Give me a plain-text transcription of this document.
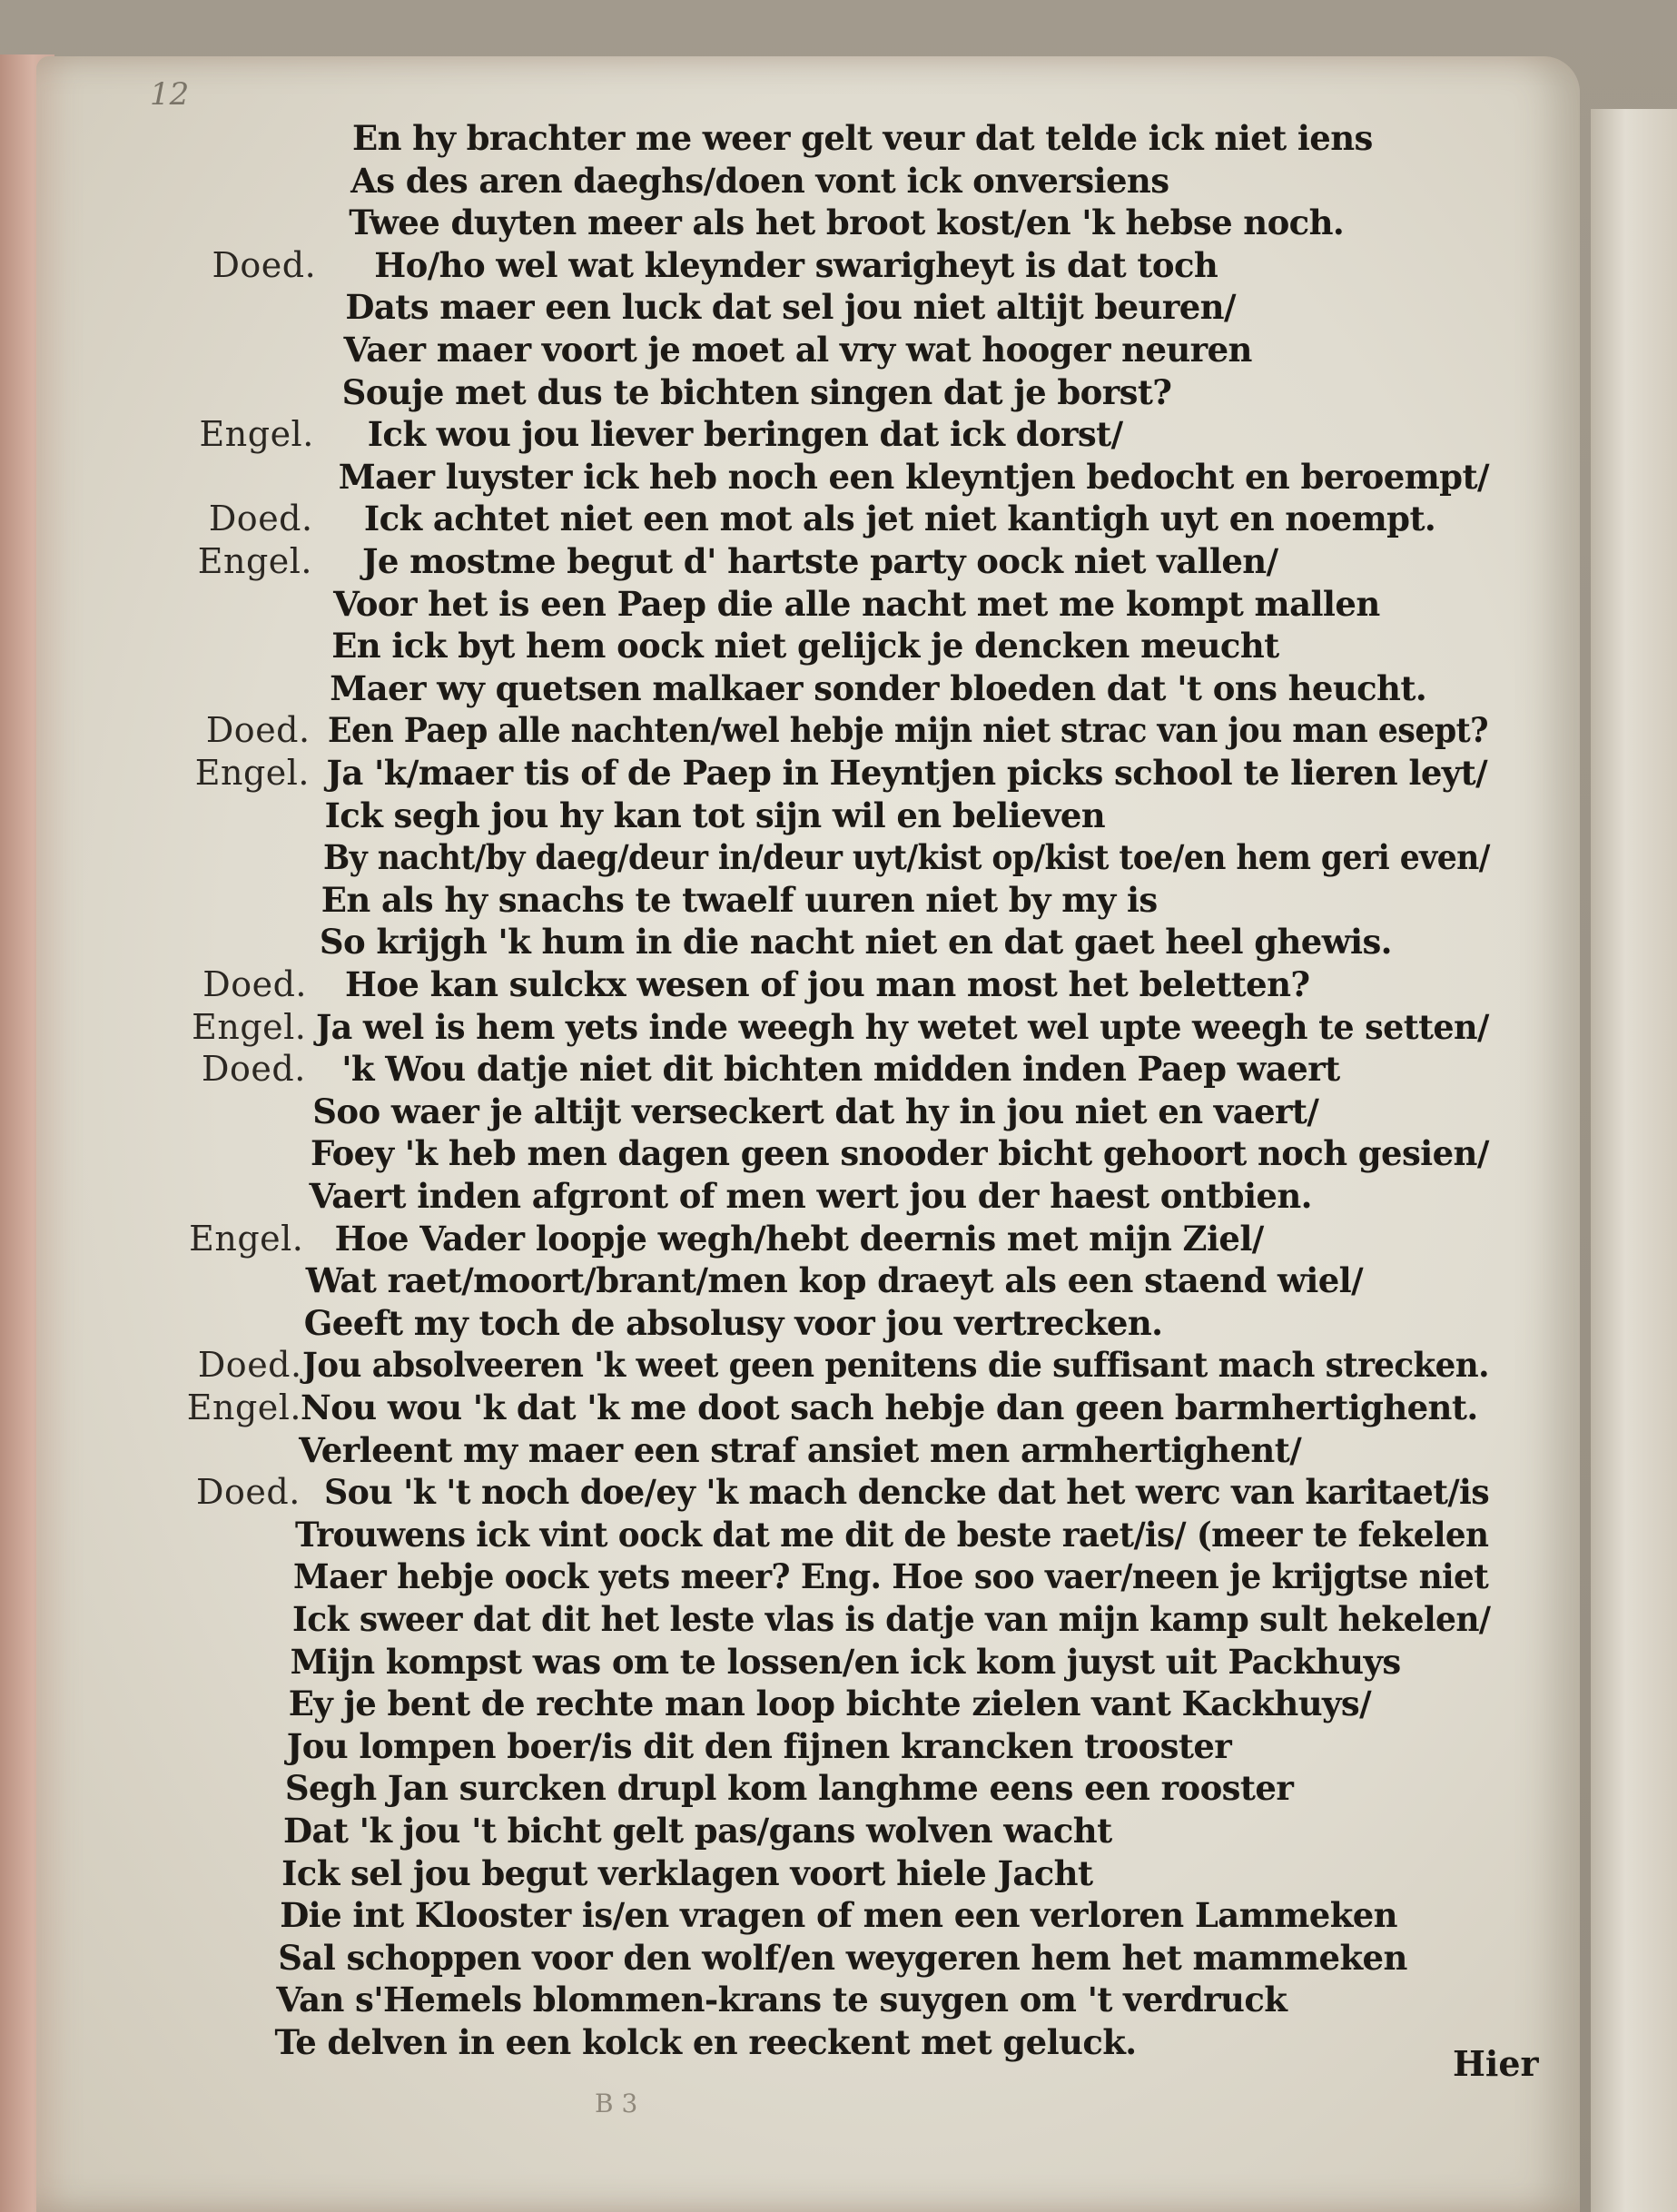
12
En hy brachter me weer gelt veur dat telde ick niet iens
As des aren daeghs/doen vont ick onversiens
Twee duyten meer als het broot kost/en 'k hebse noch.
Ho/ho wel wat kleynder swarigheyt is dat toch
Dats maer een luck dat sel jou niet altijt beuren/
Vaer maer voort je moet al vry wat hooger neuren
Souje met dus te bichten singen dat je borst?
Ick wou jou liever beringen dat ick dorst/
Maer luyster ick heb noch een kleyntjen bedocht en beroempt/
Ick achtet niet een mot als jet niet kantigh uyt en noempt.
Je mostme begut d' hartste party oock niet vallen/
Voor het is een Paep die alle nacht met me kompt mallen
En ick byt hem oock niet gelijck je dencken meucht
Maer wy quetsen malkaer sonder bloeden dat 't ons heucht.
Een Paep alle nachten/wel hebje mijn niet strac van jou man esept?
Ja 'k/maer tis of de Paep in Heyntjen picks school te lieren leyt/
Ick segh jou hy kan tot sijn wil en believen
By nacht/by daeg/deur in/deur uyt/kist op/kist toe/en hem geri even/
En als hy snachs te twaelf uuren niet by my is
So krijgh 'k hum in die nacht niet en dat gaet heel ghewis.
Hoe kan sulckx wesen of jou man most het beletten?
Ja wel is hem yets inde weegh hy wetet wel upte weegh te setten/
'k Wou datje niet dit bichten midden inden Paep waert
Soo waer je altijt verseckert dat hy in jou niet en vaert/
Foey 'k heb men dagen geen snooder bicht gehoort noch gesien/
Vaert inden afgront of men wert jou der haest ontbien.
Hoe Vader loopje wegh/hebt deernis met mijn Ziel/
Wat raet/moort/brant/men kop draeyt als een staend wiel/
Geeft my toch de absolusy voor jou vertrecken.
Jou absolveeren 'k weet geen penitens die suffisant mach strecken.
Nou wou 'k dat 'k me doot sach hebje dan geen barmhertighent.
Verleent my maer een straf ansiet men armhertighent/
Sou 'k 't noch doe/ey 'k mach dencke dat het werc van karitaet/is
Trouwens ick vint oock dat me dit de beste raet/is/ (meer te fekelen
Maer hebje oock yets meer? Eng. Hoe soo vaer/neen je krijgtse niet
Ick sweer dat dit het leste vlas is datje van mijn kamp sult hekelen/
Mijn kompst was om te lossen/en ick kom juyst uit Packhuys
Ey je bent de rechte man loop bichte zielen vant Kackhuys/
Jou lompen boer/is dit den fijnen krancken trooster
Segh Jan surcken drupl kom langhme eens een rooster
Dat 'k jou 't bicht gelt pas/gans wolven wacht
Ick sel jou begut verklagen voort hiele Jacht
Die int Klooster is/en vragen of men een verloren Lammeken
Sal schoppen voor den wolf/en weygeren hem het mammeken
Van s'Hemels blommen-krans te suygen om 't verdruck
Te delven in een kolck en reeckent met geluck.
Doed.
Engel.
Doed.
Engel.
Doed.
Engel.
Doed.
Engel.
Doed.
Engel.
Doed.
Engel.
Doed.
Hier
B 3
